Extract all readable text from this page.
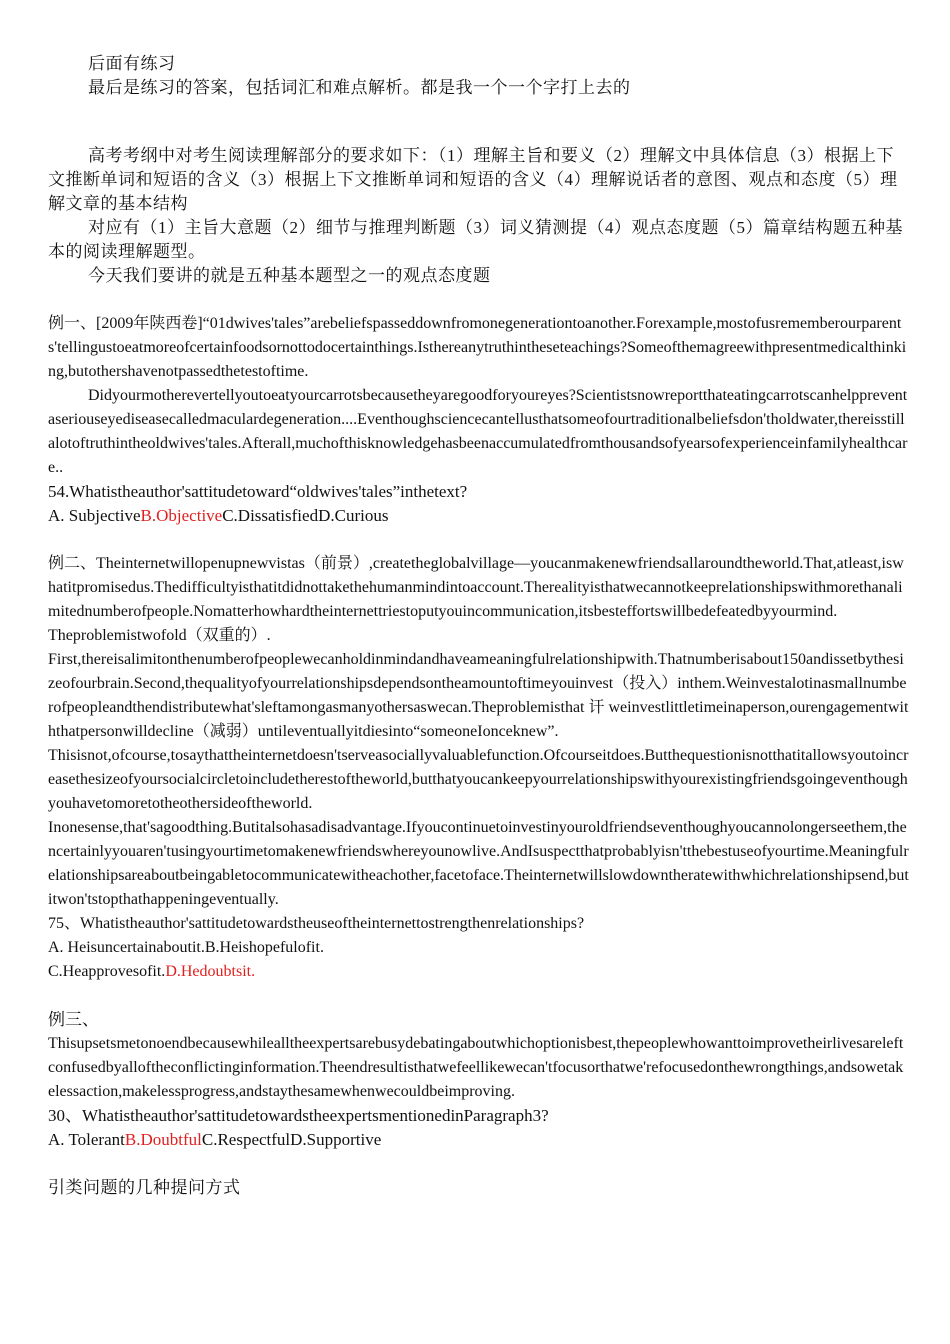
后面有练习

最后是练习的答案，包括词汇和难点解析。都是我一个一个字打上去的

高考考纲中对考生阅读理解部分的要求如下：（1）理解主旨和要义（2）理解文中具体信息（3）根据上下文推断单词和短语的含义（3）根据上下文推断单词和短语的含义（4）理解说话者的意图、观点和态度（5）理解文章的基本结构

对应有（1）主旨大意题（2）细节与推理判断题（3）词义猜测提（4）观点态度题（5）篇章结构题五种基本的阅读理解题型。

今天我们要讲的就是五种基本题型之一的观点态度题

例一、[2009年陕西卷]“01dwives'tales”arebeliefspasseddownfromonegenerationtoanother.Forexample,mostofusrememberourparents'tellingustoeatmoreofcertainfoodsornottodocertainthings.Isthereanytruthintheseteachings?Someofthemagreewithpresentmedicalthinking,butothershavenotpassedthetestoftime.

Didyourmotherevertellyoutoeatyourcarrotsbecausetheyaregoodforyoureyes?Scientistsnowreportthateatingcarrotscanhelppreventaseriouseyediseasecalledmaculardegeneration....Eventhoughsciencecantellusthatsomeofourtraditionalbeliefsdon'tholdwater,thereisstillalotoftruthintheoldwives'tales.Afterall,muchofthisknowledgehasbeenaccumulatedfromthousandsofyearsofexperienceinfamilyhealthcare..

54.Whatistheauthor'sattitudetoward“oldwives'tales”inthetext?

A. SubjectiveB.ObjectiveC.DissatisfiedD.Curious

例二、Theinternetwillopenupnewvistas（前景）,createtheglobalvillage—youcanmakenewfriendsallaroundtheworld.That,atleast,iswhatitpromisedus.Thedifficultyisthatitdidnottakethehumanmindintoaccount.Therealityisthatwecannotkeeprelationshipswithmorethanalimitednumberofpeople.Nomatterhowhardtheinternettriestoputyouincommunication,itsbesteffortswillbedefeatedbyyourmind.

Theproblemistwofold（双重的）.

First,thereisalimitonthenumberofpeoplewecanholdinmindandhaveameaningfulrelationshipwith.Thatnumberisabout150andissetbythesizeofourbrain.Second,thequalityofyourrelationshipsdependsontheamountoftimeyouinvest（投入）inthem.Weinvestalotinasmallnumberofpeopleandthendistributewhat'sleftamongasmanyothersaswecan.Theproblemisthat 讦 weinvestlittletimeinaperson,ourengagementwiththatpersonwilldecline（减弱）untileventuallyitdiesinto“someoneIonceknew”.

Thisisnot,ofcourse,tosaythattheinternetdoesn'tserveasociallyvaluablefunction.Ofcourseitdoes.Butthequestionisnotthatitallowsyoutoincreasethesizeofyoursocialcircletoincludetherestoftheworld,butthatyoucankeepyourrelationshipswithyourexistingfriendsgoingeventhoughyouhavetomoretotheothersideoftheworld.

Inonesense,that'sagoodthing.Butitalsohasadisadvantage.Ifyoucontinuetoinvestinyouroldfriendseventhoughyoucannolongerseethem,thencertainlyyouaren'tusingyourtimetomakenewfriendswhereyounowlive.AndIsuspectthatprobablyisn'tthebestuseofyourtime.Meaningfulrelationshipsareaboutbeingabletocommunicatewitheachother,facetoface.Theinternetwillslowdowntheratewithwhichrelationshipsend,butitwon'tstopthathappeningeventually.

75、Whatistheauthor'sattitudetowardstheuseoftheinternettostrengthenrelationships?

A. Heisuncertainaboutit.B.Heishopefulofit.

C.Heapprovesofit.D.Hedoubtsit.

例三、

Thisupsetsmetonoendbecausewhilealltheexpertsarebusydebatingaboutwhichoptionisbest,thepeoplewhowanttoimprovetheirlivesareleftconfusedbyalloftheconflictinginformation.Theendresultisthatwefeellikewecan'tfocusorthatwe'refocusedonthewrongthings,andsowetakelessaction,makelessprogress,andstaythesamewhenwecouldbeimproving.

30、Whatistheauthor'sattitudetowardstheexpertsmentionedinParagraph3?

A. TolerantB.DoubtfulC.RespectfulD.Supportive

引类问题的几种提问方式
